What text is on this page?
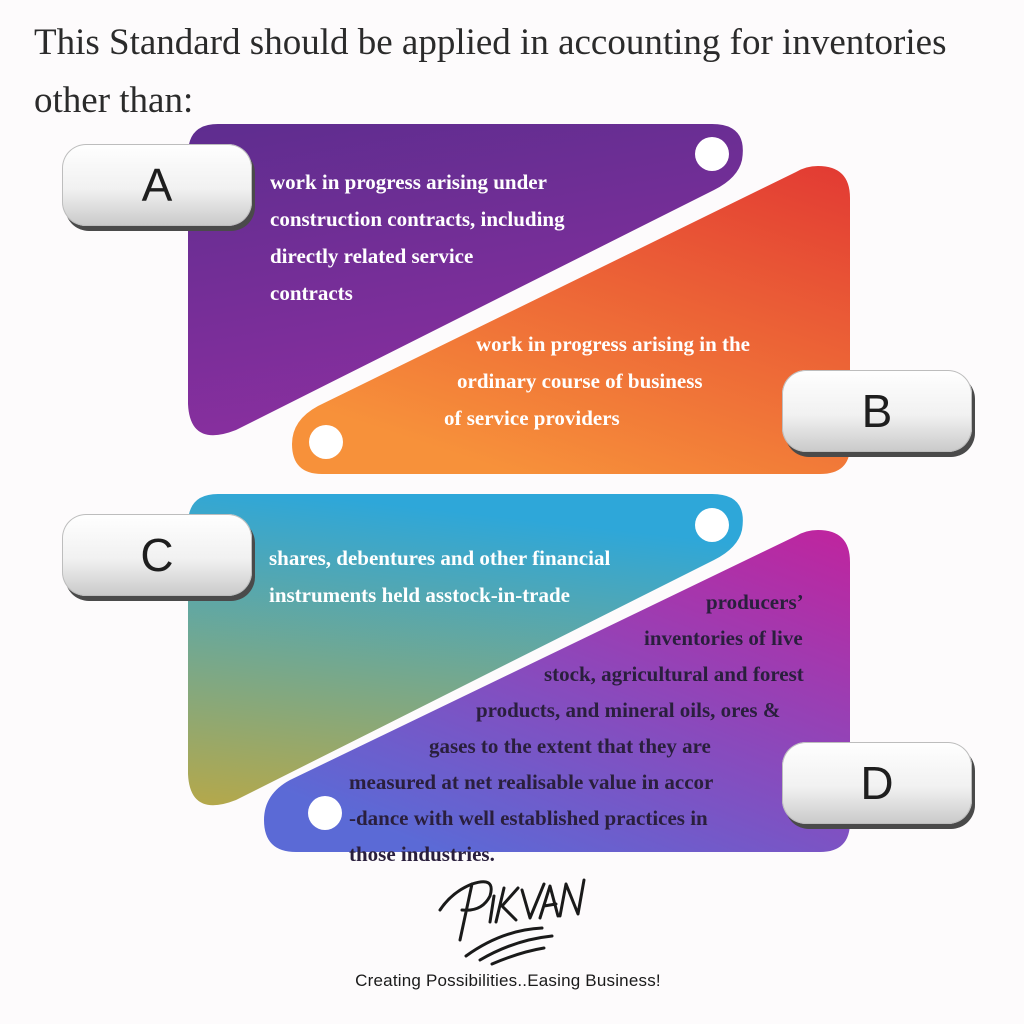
This Standard should be applied in accounting for inventories other than:
A
B
C
D
work in progress arising under
construction contracts, including
directly related service
contracts
work in progress arising in the
ordinary course of business
of service providers
shares, debentures and other financial
instruments held asstock-in-trade	producers’
inventories of live
stock, agricultural and forest
products, and mineral oils, ores &
gases to the extent that they are
measured at net realisable value in accor
-dance with well established practices in
those industries.
Creating Possibilities..Easing Business!
